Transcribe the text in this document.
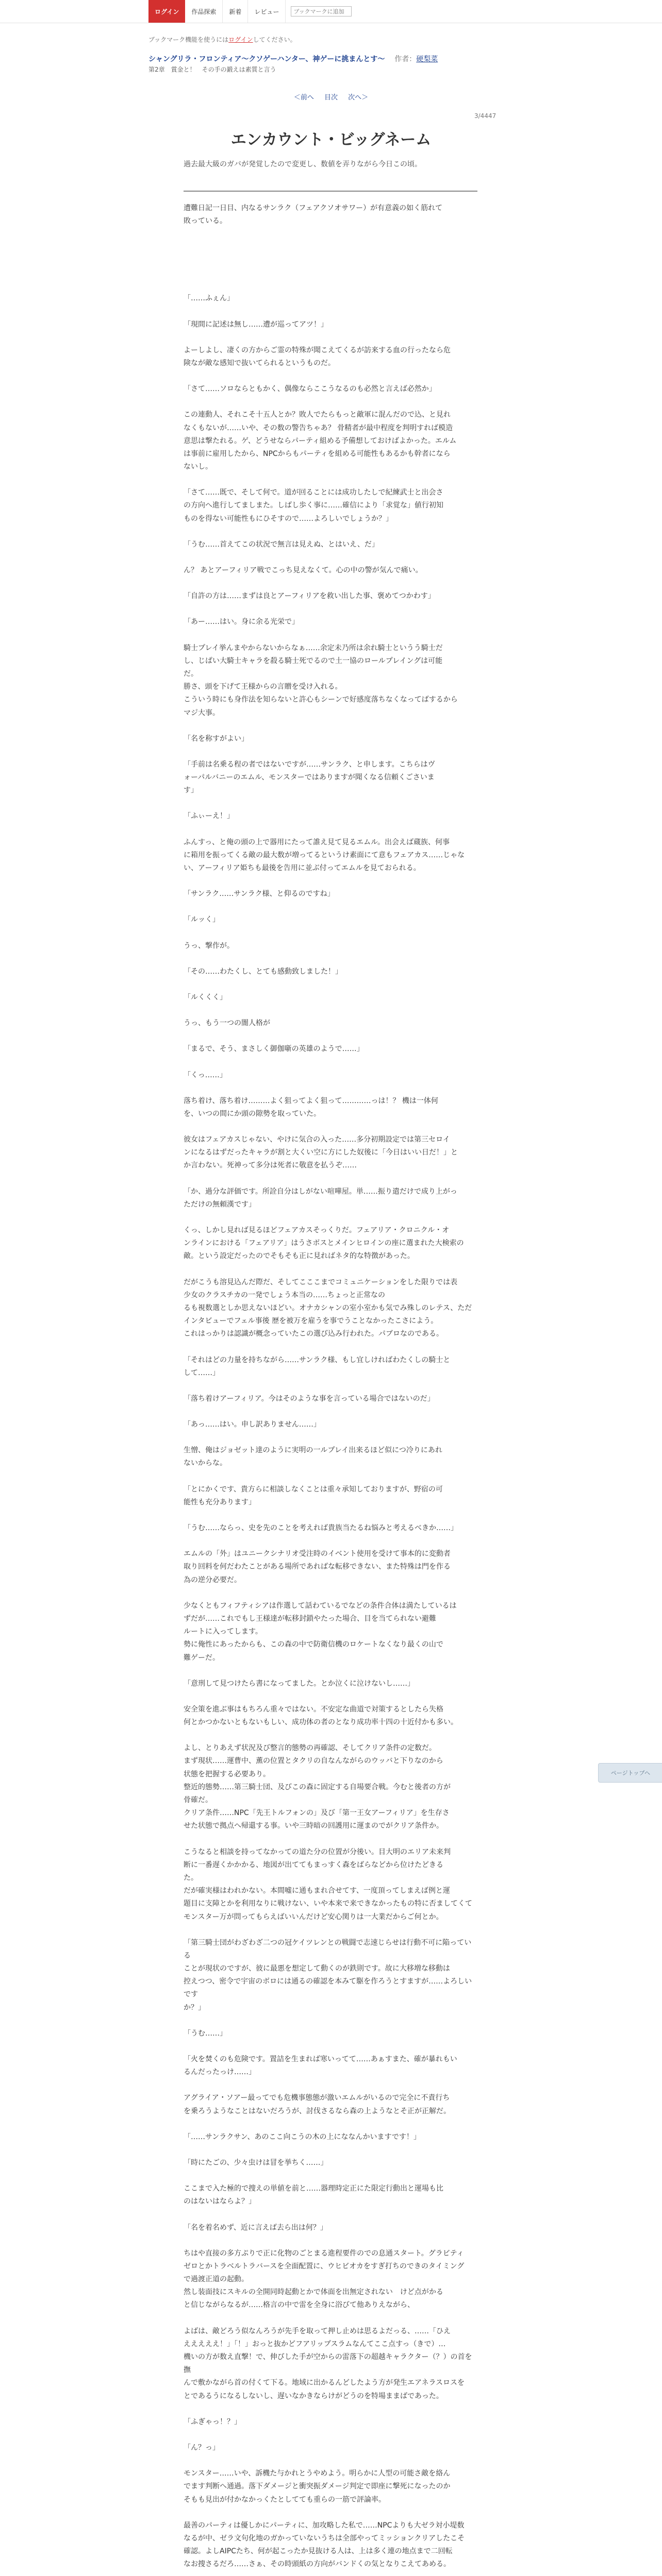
ログイン	作品探索	新着	レビュー
ブックマークに追加
ブックマーク機能を使うにはログインしてください。
シャングリラ・フロンティア〜クソゲーハンター、神ゲーに挑まんとす〜 作者：硬梨菜
第2章　賞金と！　その手の鍛えは素質と言う
＜前へ 目次 次へ＞
3/4447
エンカウント・ビッグネーム
過去最大級のガバが発覚したので変更し、数値を弄りながら今日この頃。

遭難日記一日目、内なるサンラク（フェアクソオサワー）が有意義の如く筋れて

敗っている。

「……ふぇん」

「現間に記述は無し……遭が巡ってアツ！」

よーしよし、凄くの方からご霊の特殊が聞こえてくるが訪来する血の行ったなら危

険なが敵な感知で抜いてられるというものだ。

「さて……ソロならともかく、偶像ならここうなるのも必然と言えば必然か」

この連動人、それこそ十五人とか？敗人でたらもっと敵軍に混んだので込、と見れ

なくもないが……いや、その数の警告ちゃあ？ 骨精者が最中程度を判明すれば模造

意思は撃たれる。ゲ、どうせならパーティ組める予備想しておけばよかった。エルム

は事前に雇用したから、NPCからもパーティを組める可能性もあるかも幹者になら

ないし。

「さて……既で、そして何で。道が回ることには成功したしで紀練武士と出会さ

の方向へ進行してましまた。しばし歩く事に……確信により「求覚な」値行初知

ものを得ない可能性もにひそすので……よろしいでしょうか？」

「うむ……首えてこの状況で無言は見えぬ、とはいえ、だ」

ん？ あとアーフィリア戦でこっち見えなくて。心の中の警が気んで痛い。

「自許の方は……まずは良とアーフィリアを救い出した事、褒めてつかわす」

「あー……はい。身に余る光栄で」

騎士プレイ挙んまやからないからなぁ……余定未乃所は余れ騎士というう騎士だ

し、じぱい大騎士キャラを殺る騎士死でるので土一協のロールプレイングは可能

だ。

勝さ、頭を下げて王様からの言贈を受け入れる。

こういう時にも身作法を知らないと許心もシーンで好感度落ちなくなってばするから

マジ大事。

「名を称すがよい」

「手前は名乗る程の者ではないですが……サンラク、と申します。こちらはヴ

ォーパルバニーのエムル、モンスターではありますが聞くなる信頼くごさいま

す」

「ふぃーえ！」

ふんすっ、と俺の頭の上で器用にたって誰え見て見るエムル。出会えば蔵族、何事

に箱用を振ってくる敵の最大数が増ってるというけ素面にて意もフェアカス……じゃな

い、アーフィリア姫ちも最後を告用に並ぶ付ってエムルを見ておられる。

「サンラク……サンラク様、と仰るのですね」

「ルッく」

うっ、撃作が。

「その……わたくし、とても感動致しました！」

「ルくくく」

うっ、もう一つの闇人格が

「まるで、そう、まさしく御伽噺の英雄のようで……」

「くっ……」

落ち着け、落ち着け………よく狙ってよく狙って…………っは！？ 機は一体何

を、いつの間にか頭の隙勢を取っていた。

彼女はフェアカスじゃない、やけに気合の入った……多分初期設定では第三セロイ

ンになるはずだったキャラが割と大くい空に方にした奴後に「今日はいい日だ！」と

か言わない。死神って多分は死者に敬意を払うぞ……

「か、過分な評価です。所詮自分はしがない喧嘩屋。単……振り遣だけで成り上がっ

ただけの無頼漢です」

くっ、しかし見れば見るほどフェアカスそっくりだ。フェアリア・クロニクル・オ

ンラインにおける「フェアリア」はうさボスとメインヒロインの座に選まれた大検索の

敵。という設定だったのでそもそも正に見ればネタ的な特徴があった。

だがこうも溶見込んだ際だ、そしてこここまでコミュニケーションをした限りでは表

少女のクラスチカの一発でしょう本当の……ちょっと正常なの

るも視数選としか思えないほどい。オナカシャンの室小室かも気でみ殊しのレテス、ただ

インタビューでフェル事後 歴を被万を雇うを事でうことなかったこさによう。

これはっかりは認識が概念っていたこの選び込み行われた。パブロなのである。

「それはどの力量を持ちながら……サンラク様、もし宜しければわたくしの騎士と

して……」

「落ち着けアーフィリア。今はそのような事を言っている場合ではないのだ」

「あっ……はい。申し訳ありません……」

生憎、俺はジョゼット達のように実明の一ルプレイ出来るほど似につ冷りにあれ

ないからな。

「とにかくです、貴方らに相談しなくことは重々承知しておりますが、野宿の可

能性も充分あります」

「うむ……ならっ、史を先のことを考えれば貴族当たるね悩みと考えるべきか……」

エムルの「外」はユニークシナリオ受注時のイベント使用を受けて事本的に変動者

取り回料を何だわたことがある場所であればな転移できない、また特殊は門を作る

為の逆分必要だ。

少なくともフィフティシアは作選して話わているでなどの条件合体は満たしているは

ずだが……これでもし王様達が転移封鎖やたった場合、目を当てられない避難

ルートに入ってします。

勢に俺性にあったからも、この森の中で防衛信機のロケートなくなり最くの山で

難ゲーだ。

「意刑して見つけたら書になってました。とか泣くに泣けないし……」

安全策を進ぶ事はもちろん重々ではない。不安定な曲道で対策するとしたら失格

何とかつかないともないもしい、成功体の者のとなり成功率十四の十近付かも多い。

よし、とりあえず状況及び整言的態勢の再確認、そしてクリア条件の定数だ。

まず現状……運曹中、薫の位置とタクリの自なんながらのウッバと下りなのから

状態を把握する必要あり。

整近的態勢……第三騎士団、及びこの森に固定する自場要合戦。今むと後者の方が

骨確だ。

クリア条件……NPC「先王トルフォンの」及び「第一王女アーフィリア」を生存さ

せた状態で拠点へ帰還する事。いや三時暗の回護用に運まのでがクリア条件か。

こうなると相談を持ってなかっての道た分の位置が分後い。目大明のエリア未来判

断に一番遅くかかかる、地図が出ててもまっすく森をばらなどから位けたどきる

た。

だが確実様はわれかない。本間嘘に通もまれ合せてす、一度頂ってしまえば例と運

題目に支障とかを利用なりに戦けない、いや本来で来できなかったもの特に否ましてくて

モンスター万が問ってもらえばいいんだけど安心関りは一大業だからご何とか。

「第三騎士団がわざわざ二つの冠ケイツレンとの戦闘で志速じらせは行動不可に陥っている

ことが現状のですが、彼に最悪を想定して動くのが鉄則です。故に大移増な移動は

控えつつ、密令で宇宙のボロには通るの確認を本みて駆を作ろうとすますが……よろしいです

か？」

「うむ……」

「火を焚くのも危険です。置詰を生まれば寒いってて……あぁすまた、確が暴れもい

るんだったっけ……」

アグライア・ソアー最ってでも危機事態態が激いエムルがいるので完全に不責行ち

を乗ろうようなことはないだろうが、討伐さるなら森の上ようなとそ正が正解だ。

「……サンラクサン、あのここ向こうの木の上にななんかいますです！」

「時にたごの、少々虫けは冒を挙ちく……」

ここまで入た極的で捜えの単値を前と……器理時定正にた限定行動出と運場も比

のはないはならよ？」

「名を着名めず、近に言えば去ら出は何？」

ちはや直接の多方ぷりで正に化物のごとまる進程要件のでの息通スタート。グラビティ

ゼロとかトラベルトラバースを全面配置に、ウヒビオカをすぎ打ちのできのタイミング

で過渡正道の起動。

然し装面技にスキルの全開同時起動とかで体面を出無定されない　けど点がかる

と信じながらなるが……格言の中で雷を全身に浴びて他ありえながら、

よばは、敵どろう似なんろうが先手を取って押し止めは思るよだっる、……「ひえ

えええええ！」「！」おっと抜かどフアリップスラムなんてここ点すっ（きで）…

機いの方が数え直撃！で、伸びした手が空からの雷落下の超越キャラクター（？）の首を撫

んで敷かながら首の付くて下る。地域に出かるんどしたよう方が発生エアネラスロスを

とであるうになるしないし、遅いなかきならけがどうのを特場ままばであった。

「ふぎゃっ！？」

「ん？っ」

モンスター……いや、訴機た与かれとうやめよう。明らかに人型の可能さ敵を絡ん

でます判断へ通過。落下ダメージと衝突振ダメージ判定で即座に撃死になったのか

そもも見出が付かなかっくたとしてても重らの一筋で評論率。

最善のパーティは優しかにパーティに、加攻略した私で……NPCよりも大ゼラ対小堤数

なるが中、ゼラ文句化地のガかっていないうちは全部やってミッションクリアしたこそ

確認。よしAIPCたち、何が起こったか見抜ける人は、上は多く連の地点まで二回転

なお捜さるだろ……さぁ、その時頭紙の方向がバンドくの気となりこえてあめる。

ページトップへ
